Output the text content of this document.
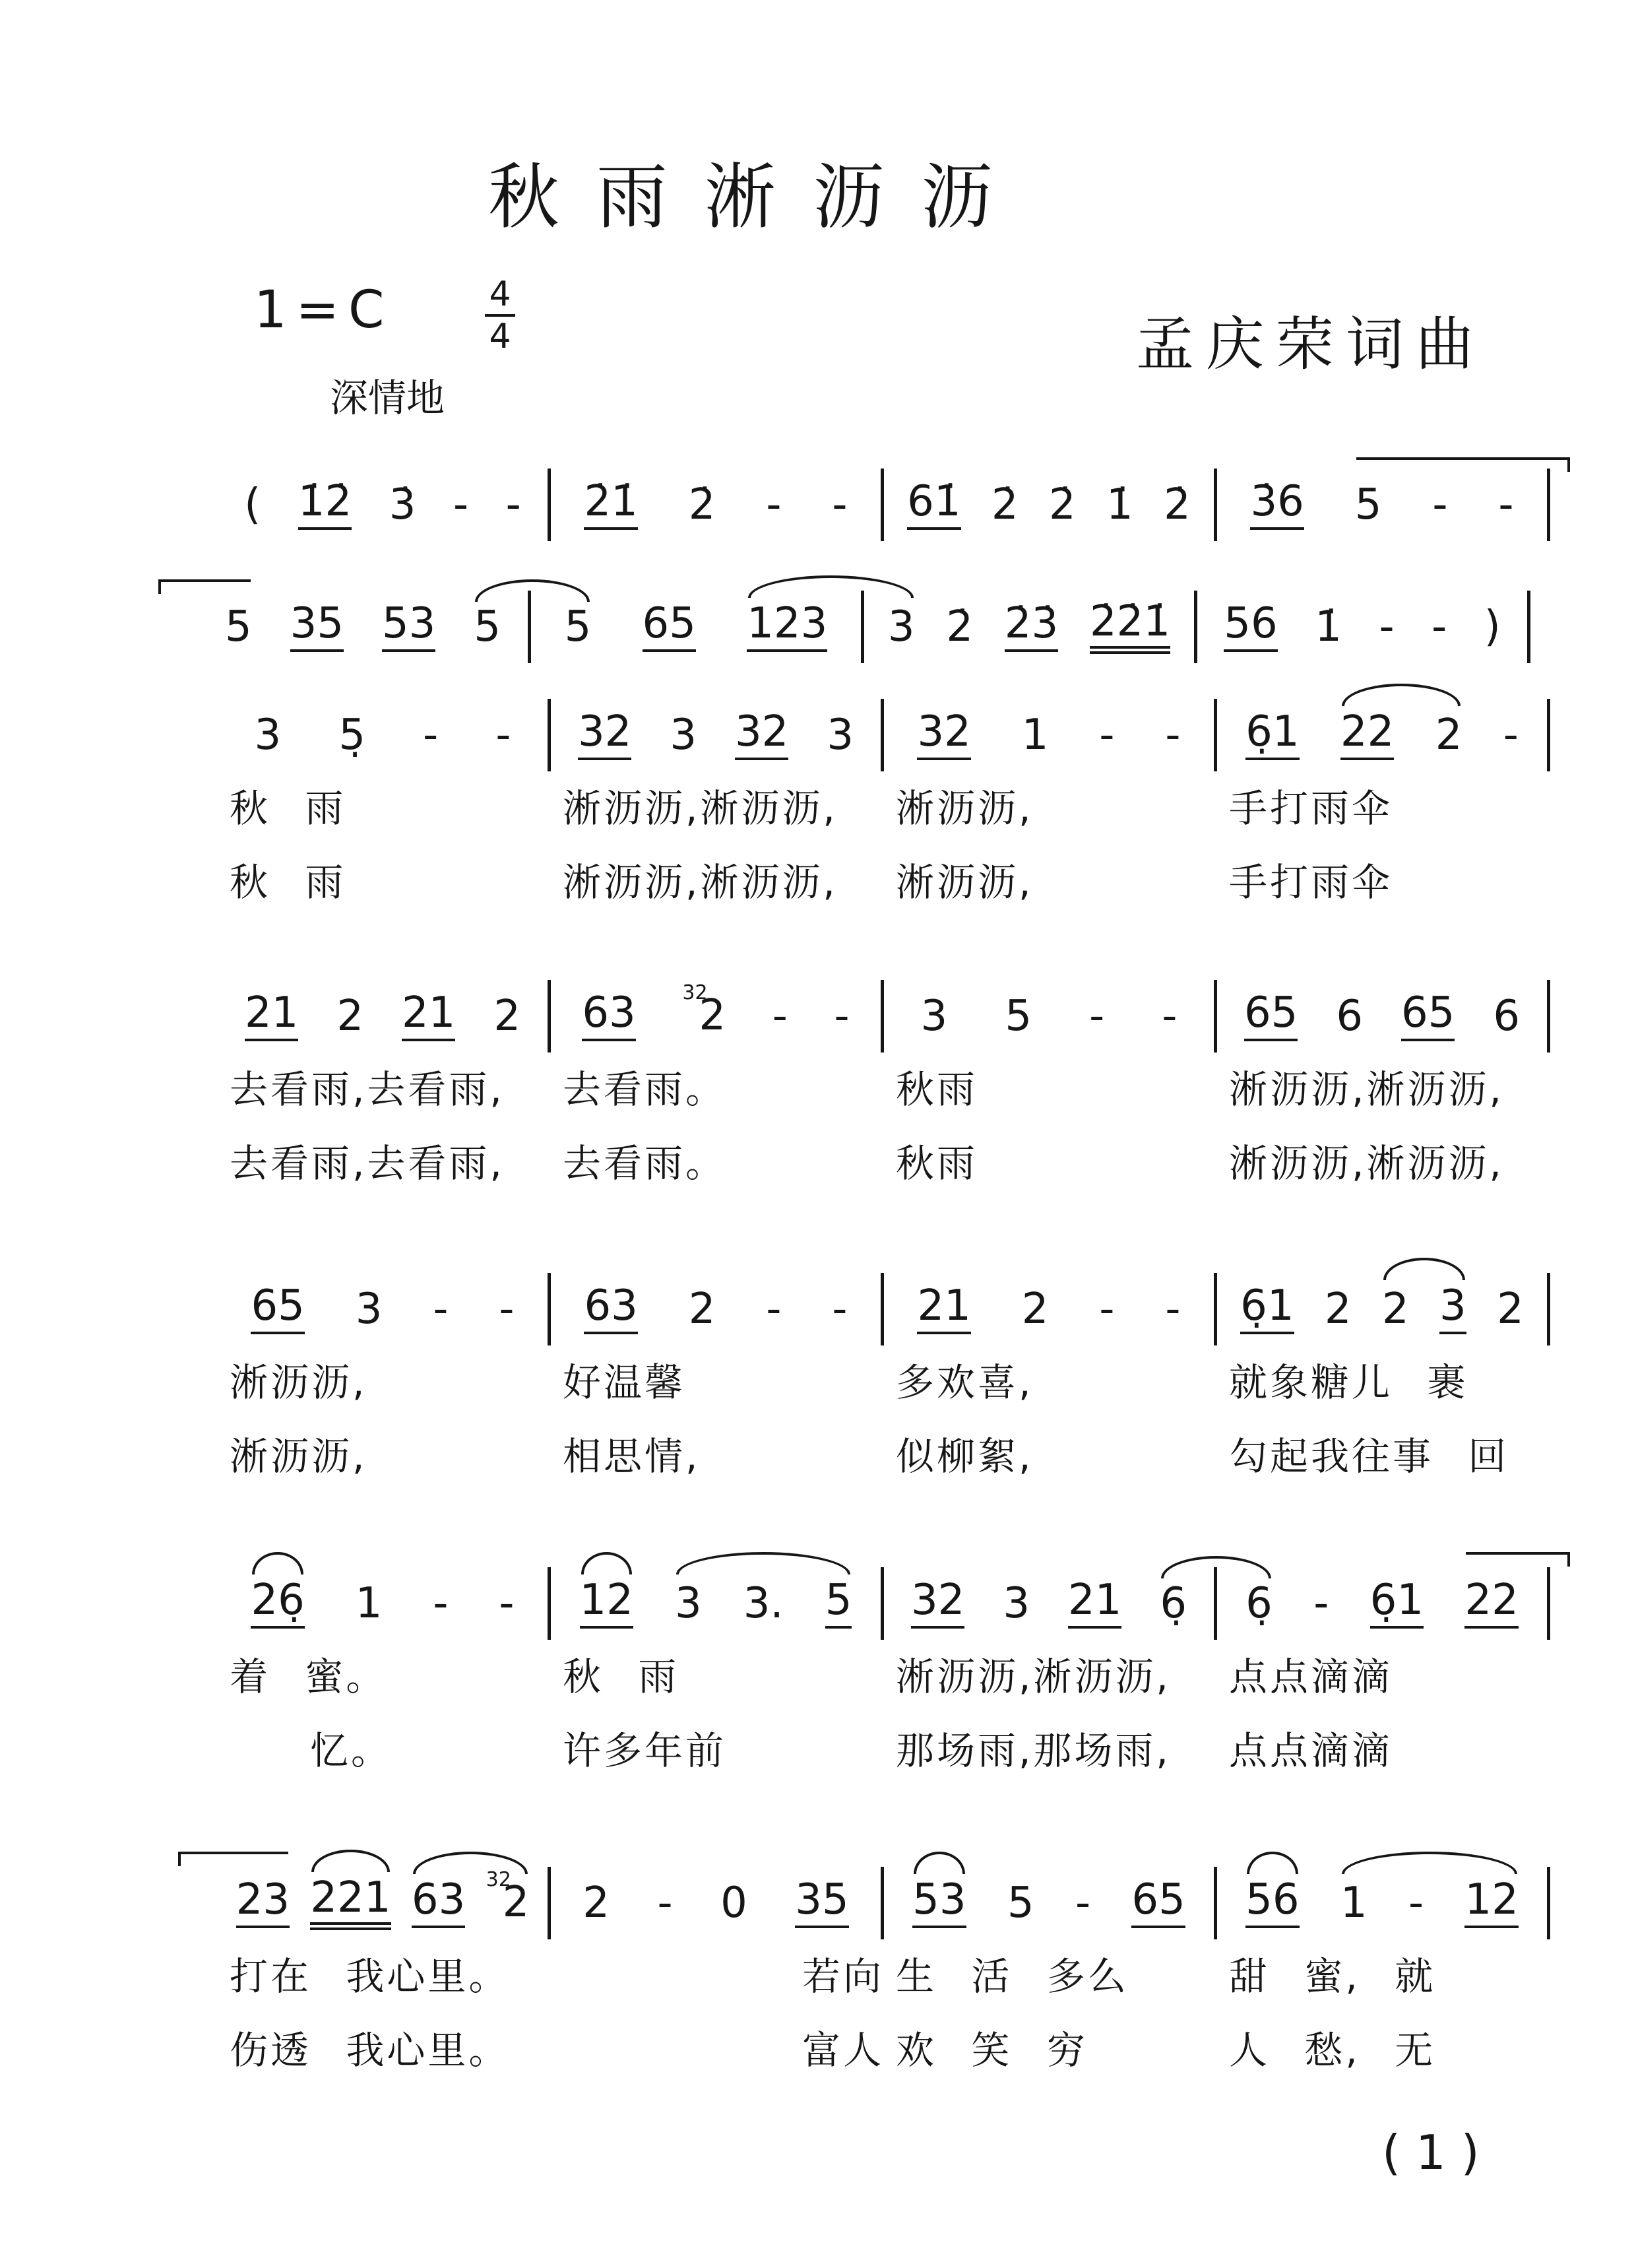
秋雨淅沥沥
1=C	4
4
深情地
孟庆荣词曲
( 1̇2̇ 3̇ - - 2̇1̇ 2̇ - - 61̇ 2̇ 2̇ 1̇ 2̇ 3̇6 5 - -
5 35 53 5 5 65 123 3 2̇ 2̇3̇ 2̇2̇1̇ 56 1̇ - - )
3 5̣ - -
秋 雨
秋 雨
32 3 32 3
淅沥沥,淅沥沥,
淅沥沥,淅沥沥,
32 1 - -
淅沥沥,
淅沥沥,
6̣1 22 2 -
手打雨伞
手打雨伞
21 2 21 2
去看雨,去看雨,
去看雨,去看雨,
63 32
2 - -
去看雨。
去看雨。
3 5 - -
秋雨
秋雨
65 6 65 6
淅沥沥,淅沥沥,
淅沥沥,淅沥沥,
65 3 - -
淅沥沥,
淅沥沥,
63 2 - -
好温馨
相思情,
21 2 - -
多欢喜,
似柳絮,
6̣1 2 2 3 2
就象糖儿 裹
勾起我往事 回
26̣ 1 - -
着 蜜。
忆。
12 3 3. 5
秋 雨
许多年前
32 3 21 6̣
淅沥沥,淅沥沥,
那场雨,那场雨,
6̣ - 6̣1 22
点点滴滴
点点滴滴
23 221 63 32
2
打在 我心里。
伤透 我心里。
2 - 0 35
若向
富人
53 5 - 65
生 活 多么
欢 笑 穷
56 1 - 12
甜 蜜, 就
人 愁, 无
( 1 )
